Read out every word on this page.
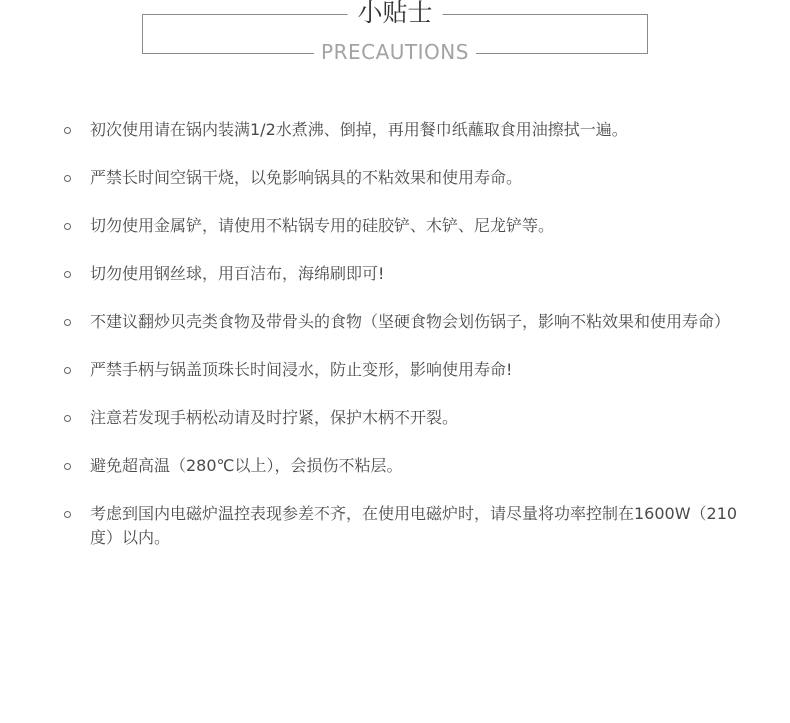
小贴士
PRECAUTIONS
初次使用请在锅内装满1/2水煮沸、倒掉，再用餐巾纸蘸取食用油擦拭一遍。
严禁长时间空锅干烧，以免影响锅具的不粘效果和使用寿命。
切勿使用金属铲，请使用不粘锅专用的硅胶铲、木铲、尼龙铲等。
切勿使用钢丝球，用百洁布，海绵刷即可!
不建议翻炒贝壳类食物及带骨头的食物（坚硬食物会划伤锅子，影响不粘效果和使用寿命）
严禁手柄与锅盖顶珠长时间浸水，防止变形，影响使用寿命!
注意若发现手柄松动请及时拧紧，保护木柄不开裂。
避免超高温（280℃以上），会损伤不粘层。
考虑到国内电磁炉温控表现参差不齐，在使用电磁炉时，请尽量将功率控制在1600W（210度）以内。
